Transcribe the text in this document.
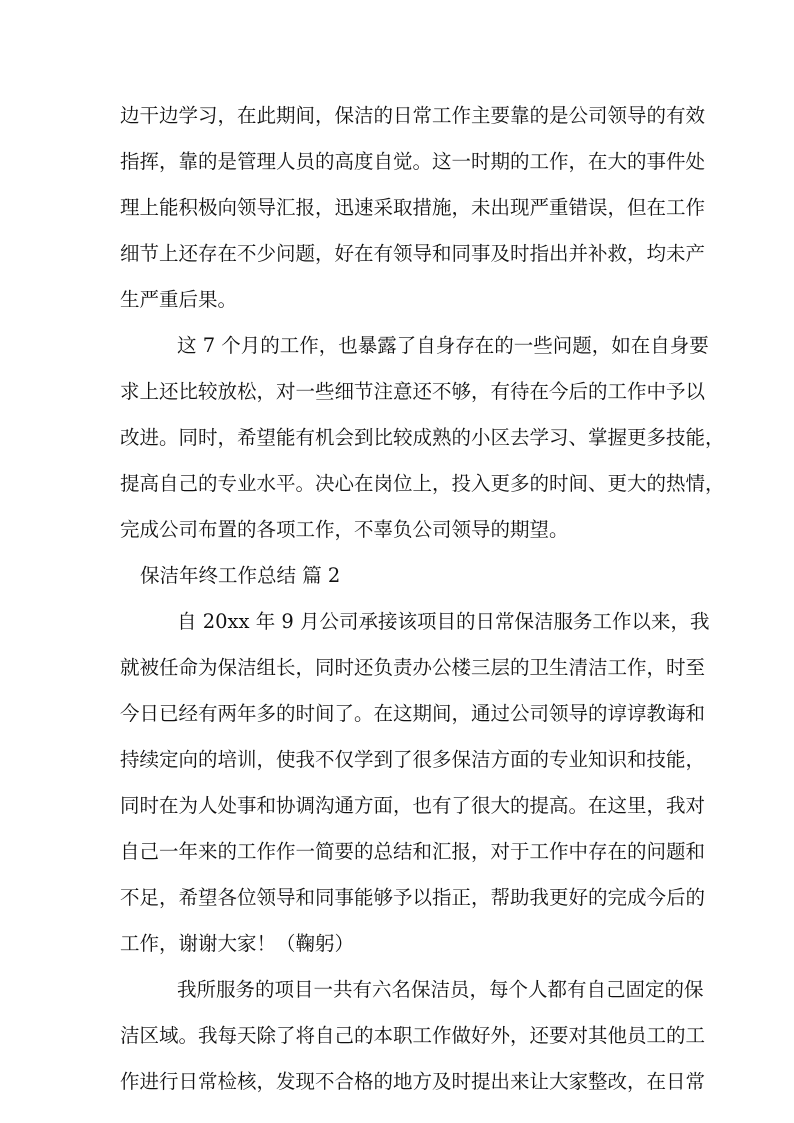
边干边学习，在此期间，保洁的日常工作主要靠的是公司领导的有效
指挥，靠的是管理人员的高度自觉。这一时期的工作，在大的事件处
理上能积极向领导汇报，迅速采取措施，未出现严重错误，但在工作
细节上还存在不少问题，好在有领导和同事及时指出并补救，均未产
生严重后果。
这 7 个月的工作，也暴露了自身存在的一些问题，如在自身要
求上还比较放松，对一些细节注意还不够，有待在今后的工作中予以
改进。同时，希望能有机会到比较成熟的小区去学习、掌握更多技能，
提高自己的专业水平。决心在岗位上，投入更多的时间、更大的热情，
完成公司布置的各项工作，不辜负公司领导的期望。
保洁年终工作总结 篇 2
自 20xx 年 9 月公司承接该项目的日常保洁服务工作以来，我
就被任命为保洁组长，同时还负责办公楼三层的卫生清洁工作，时至
今日已经有两年多的时间了。在这期间，通过公司领导的谆谆教诲和
持续定向的培训，使我不仅学到了很多保洁方面的专业知识和技能，
同时在为人处事和协调沟通方面，也有了很大的提高。在这里，我对
自己一年来的工作作一简要的总结和汇报，对于工作中存在的问题和
不足，希望各位领导和同事能够予以指正，帮助我更好的完成今后的
工作，谢谢大家！（鞠躬）
我所服务的项目一共有六名保洁员，每个人都有自己固定的保
洁区域。我每天除了将自己的本职工作做好外，还要对其他员工的工
作进行日常检核，发现不合格的地方及时提出来让大家整改，在日常
